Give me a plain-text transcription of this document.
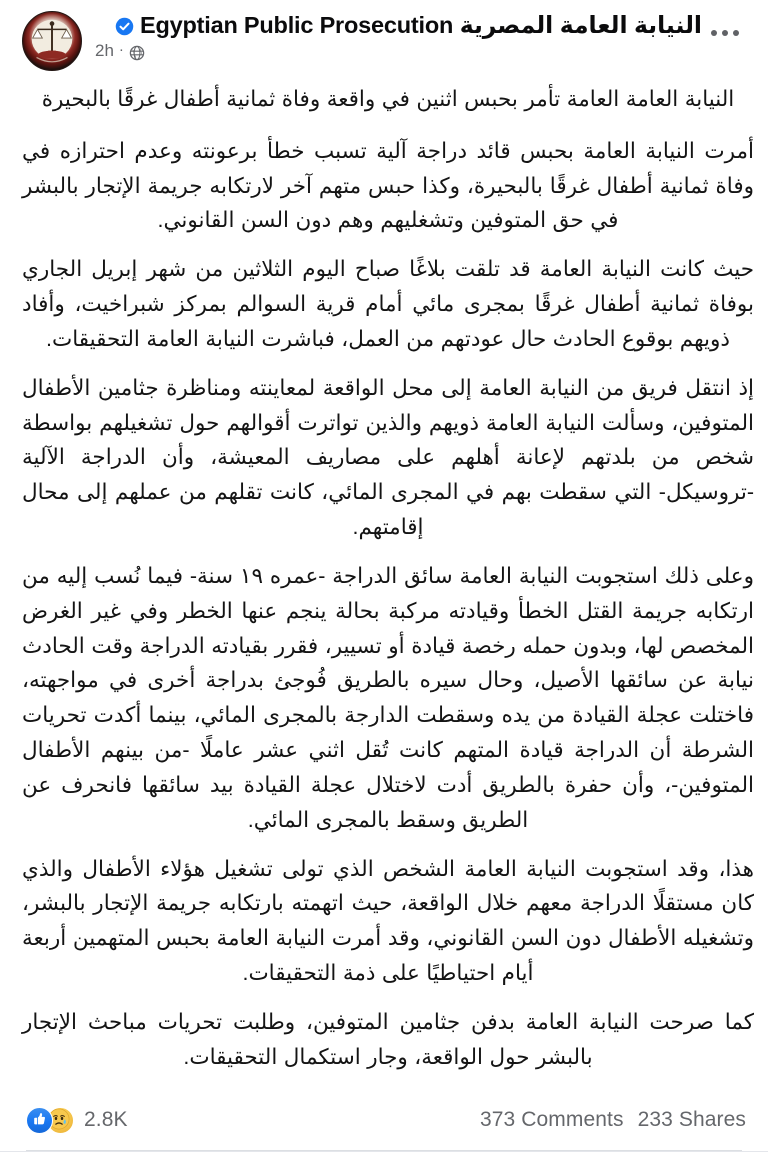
النيابة العامة المصرية Egyptian Public Prosecution
2h ·

النيابة العامة العامة تأمر بحبس اثنين في واقعة وفاة ثمانية أطفال غرقًا بالبحيرة

أمرت النيابة العامة بحبس قائد دراجة آلية تسبب خطأ برعونته وعدم احترازه في وفاة ثمانية أطفال غرقًا بالبحيرة، وكذا حبس متهم آخر لارتكابه جريمة الإتجار بالبشر في حق المتوفين وتشغليهم وهم دون السن القانوني.

حيث كانت النيابة العامة قد تلقت بلاغًا صباح اليوم الثلاثين من شهر إبريل الجاري بوفاة ثمانية أطفال غرقًا بمجرى مائي أمام قرية السوالم بمركز شبراخيت، وأفاد ذويهم بوقوع الحادث حال عودتهم من العمل، فباشرت النيابة العامة التحقيقات.

إذ انتقل فريق من النيابة العامة إلى محل الواقعة لمعاينته ومناظرة جثامين الأطفال المتوفين، وسألت النيابة العامة ذويهم والذين تواترت أقوالهم حول تشغيلهم بواسطة شخص من بلدتهم لإعانة أهلهم على مصاريف المعيشة، وأن الدراجة الآلية -تروسيكل- التي سقطت بهم في المجرى المائي، كانت تقلهم من عملهم إلى محال إقامتهم.

وعلى ذلك استجوبت النيابة العامة سائق الدراجة -عمره ١٩ سنة- فيما نُسب إليه من ارتكابه جريمة القتل الخطأ وقيادته مركبة بحالة ينجم عنها الخطر وفي غير الغرض المخصص لها، وبدون حمله رخصة قيادة أو تسيير، فقرر بقيادته الدراجة وقت الحادث نيابة عن سائقها الأصيل، وحال سيره بالطريق فُوجئ بدراجة أخرى في مواجهته، فاختلت عجلة القيادة من يده وسقطت الدارجة بالمجرى المائي، بينما أكدت تحريات الشرطة أن الدراجة قيادة المتهم كانت تُقل اثني عشر عاملًا -من بينهم الأطفال المتوفين-، وأن حفرة بالطريق أدت لاختلال عجلة القيادة بيد سائقها فانحرف عن الطريق وسقط بالمجرى المائي.

هذا، وقد استجوبت النيابة العامة الشخص الذي تولى تشغيل هؤلاء الأطفال والذي كان مستقلًا الدراجة معهم خلال الواقعة، حيث اتهمته بارتكابه جريمة الإتجار بالبشر، وتشغيله الأطفال دون السن القانوني، وقد أمرت النيابة العامة بحبس المتهمين أربعة أيام احتياطيًا على ذمة التحقيقات.

كما صرحت النيابة العامة بدفن جثامين المتوفين، وطلبت تحريات مباحث الإتجار بالبشر حول الواقعة، وجار استكمال التحقيقات.

2.8K	373 Comments 233 Shares
